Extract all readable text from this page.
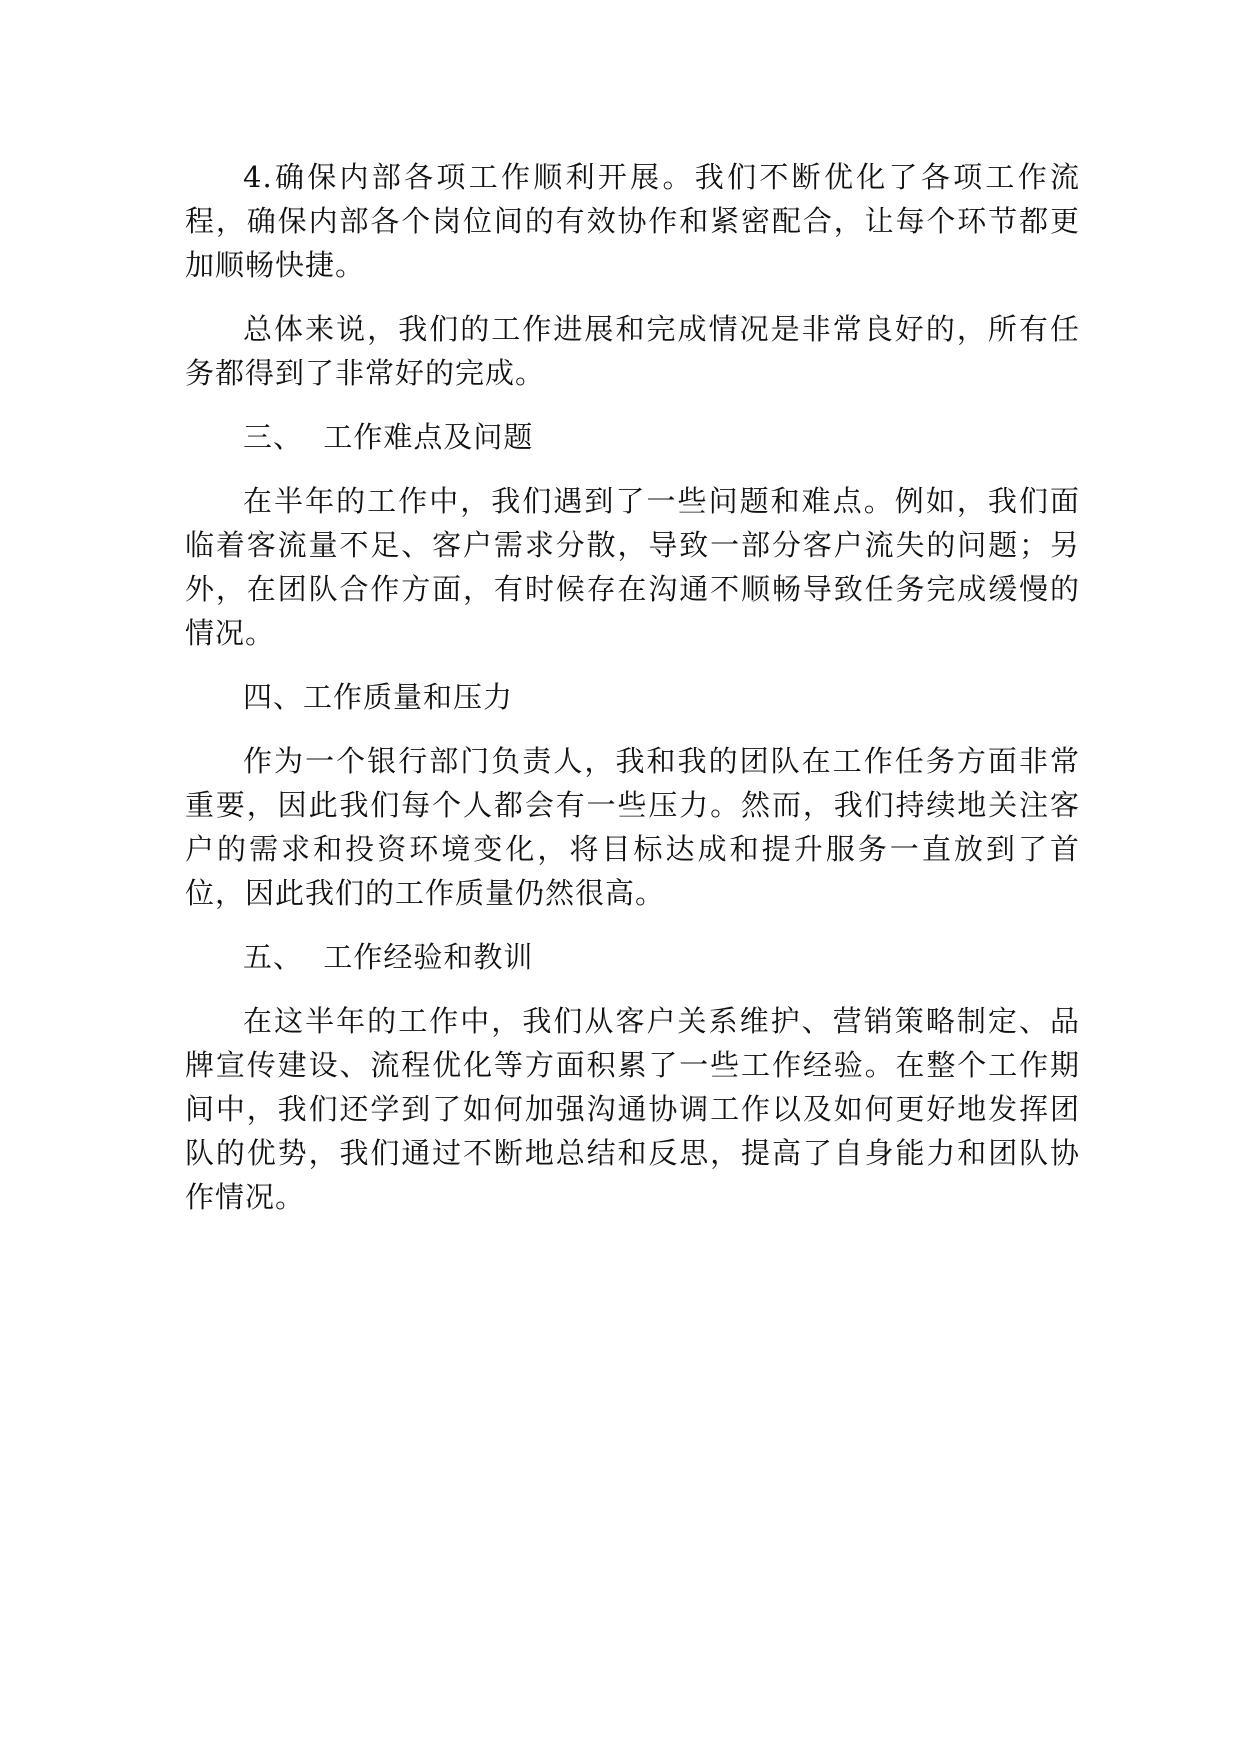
4.确保内部各项工作顺利开展。我们不断优化了各项工作流程，确保内部各个岗位间的有效协作和紧密配合，让每个环节都更加顺畅快捷。

总体来说，我们的工作进展和完成情况是非常良好的，所有任务都得到了非常好的完成。

三、  工作难点及问题

在半年的工作中，我们遇到了一些问题和难点。例如，我们面临着客流量不足、客户需求分散，导致一部分客户流失的问题；另外，在团队合作方面，有时候存在沟通不顺畅导致任务完成缓慢的情况。

四、工作质量和压力

作为一个银行部门负责人，我和我的团队在工作任务方面非常重要，因此我们每个人都会有一些压力。然而，我们持续地关注客户的需求和投资环境变化，将目标达成和提升服务一直放到了首位，因此我们的工作质量仍然很高。

五、  工作经验和教训

在这半年的工作中，我们从客户关系维护、营销策略制定、品牌宣传建设、流程优化等方面积累了一些工作经验。在整个工作期间中，我们还学到了如何加强沟通协调工作以及如何更好地发挥团队的优势，我们通过不断地总结和反思，提高了自身能力和团队协作情况。
